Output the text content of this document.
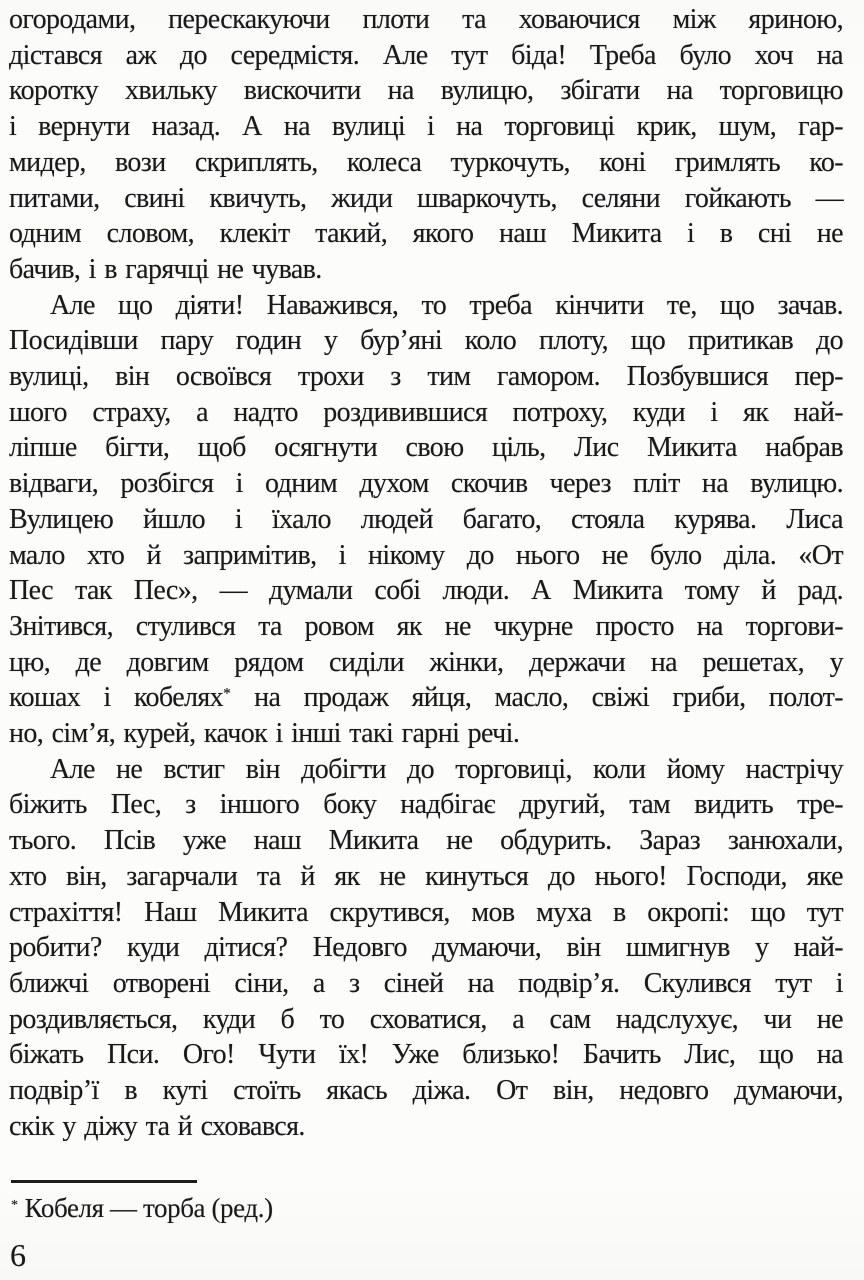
огородами, перескакуючи плоти та ховаючися між яриною,
дістався аж до середмістя. Але тут біда! Треба було хоч на
коротку хвильку вискочити на вулицю, збігати на торговицю
і вернути назад. А на вулиці і на торговиці крик, шум, гар-
мидер, вози скриплять, колеса туркочуть, коні гримлять ко-
питами, свині квичуть, жиди шваркочуть, селяни гойкають —
одним словом, клекіт такий, якого наш Микита і в сні не
бачив, і в гарячці не чував.
Але що діяти! Наважився, то треба кінчити те, що зачав.
Посидівши пару годин у бур’яні коло плоту, що притикав до
вулиці, він освоївся трохи з тим гамором. Позбувшися пер-
шого страху, а надто роздивившися потроху, куди і як най-
ліпше бігти, щоб осягнути свою ціль, Лис Микита набрав
відваги, розбігся і одним духом скочив через пліт на вулицю.
Вулицею йшло і їхало людей багато, стояла курява. Лиса
мало хто й запримітив, і нікому до нього не було діла. «От
Пес так Пес», — думали собі люди. А Микита тому й рад.
Знітився, стулився та ровом як не чкурне просто на торгови-
цю, де довгим рядом сиділи жінки, держачи на решетах, у
кошах і кобелях* на продаж яйця, масло, свіжі гриби, полот-
но, сім’я, курей, качок і інші такі гарні речі.
Але не встиг він добігти до торговиці, коли йому настрічу
біжить Пес, з іншого боку надбігає другий, там видить тре-
тього. Псів уже наш Микита не обдурить. Зараз занюхали,
хто він, загарчали та й як не кинуться до нього! Господи, яке
страхіття! Наш Микита скрутився, мов муха в окропі: що тут
робити? куди дітися? Недовго думаючи, він шмигнув у най-
ближчі отворені сіни, а з сіней на подвір’я. Скулився тут і
роздивляється, куди б то сховатися, а сам надслухує, чи не
біжать Пси. Ого! Чути їх! Уже близько! Бачить Лис, що на
подвір’ї в куті стоїть якась діжа. От він, недовго думаючи,
скік у діжу та й сховався.
* Кобеля — торба (ред.)
6
